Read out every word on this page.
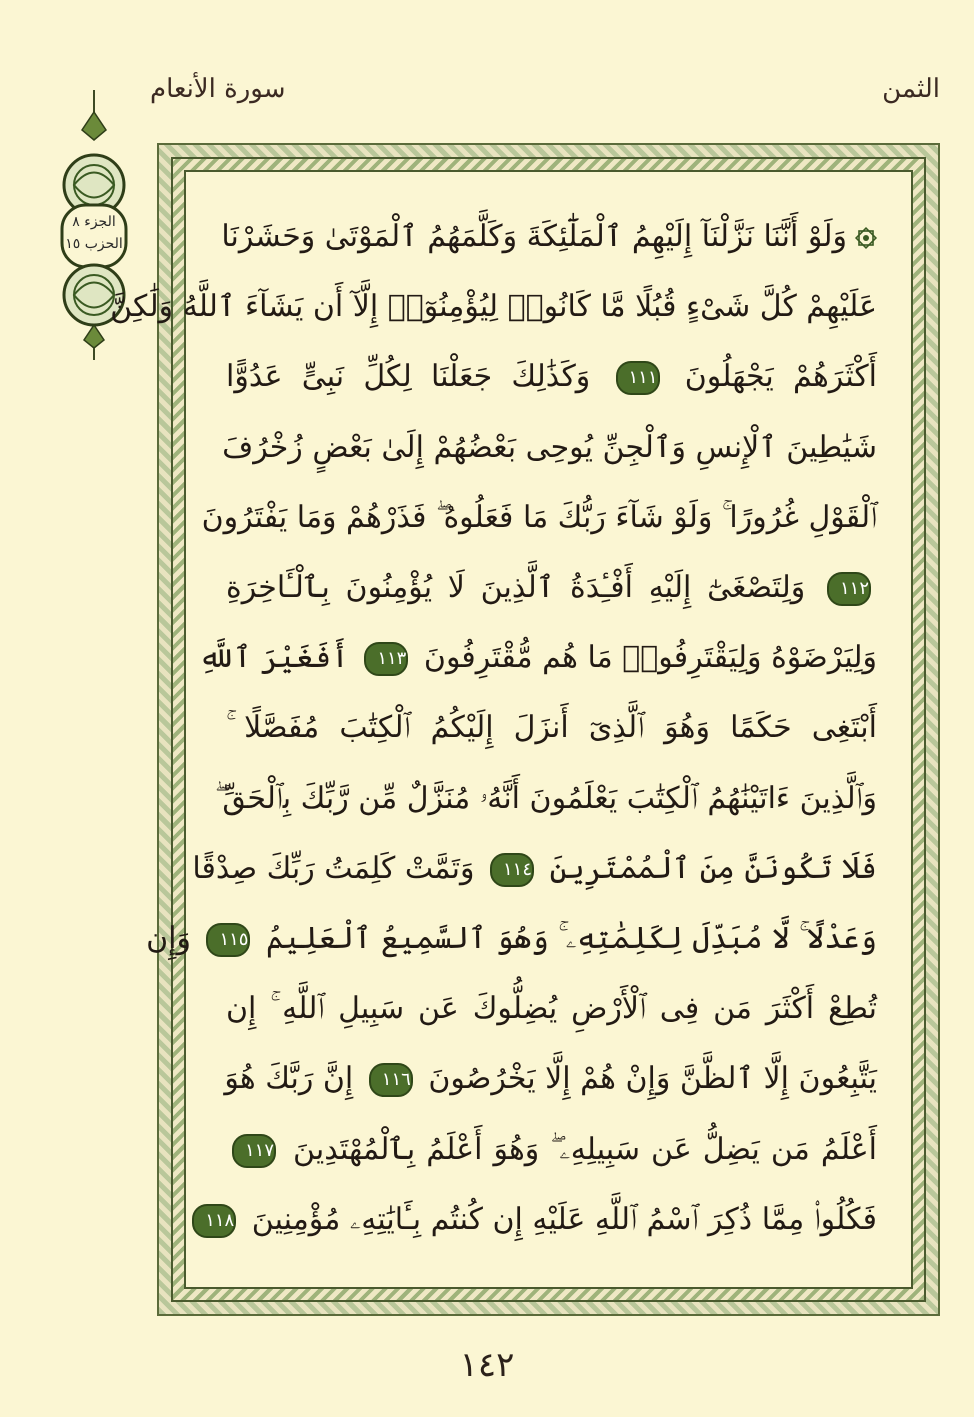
سورة الأنعام	الثمن
الجزء ٨
الحزب ١٥	وَلَوْ أَنَّنَا نَزَّلْنَآ إِلَيْهِمُ ٱلْمَلَٰٓئِكَةَ وَكَلَّمَهُمُ ٱلْمَوْتَىٰ وَحَشَرْنَا
عَلَيْهِمْ كُلَّ شَىْءٍ قُبُلًا مَّا كَانُوا۟ لِيُؤْمِنُوٓا۟ إِلَّآ أَن يَشَآءَ ٱللَّهُ وَلَٰكِنَّ
أَكْثَرَهُمْ يَجْهَلُونَ ١١١ وَكَذَٰلِكَ جَعَلْنَا لِكُلِّ نَبِىٍّ عَدُوًّا
شَيَٰطِينَ ٱلْإِنسِ وَٱلْجِنِّ يُوحِى بَعْضُهُمْ إِلَىٰ بَعْضٍ زُخْرُفَ
ٱلْقَوْلِ غُرُورًا ۚ وَلَوْ شَآءَ رَبُّكَ مَا فَعَلُوهُ ۖ فَذَرْهُمْ وَمَا يَفْتَرُونَ
١١٢ وَلِتَصْغَىٰٓ إِلَيْهِ أَفْـِٔدَةُ ٱلَّذِينَ لَا يُؤْمِنُونَ بِٱلْـَٔاخِرَةِ
وَلِيَرْضَوْهُ وَلِيَقْتَرِفُوا۟ مَا هُم مُّقْتَرِفُونَ ١١٣ أَفَغَيْرَ ٱللَّهِ
أَبْتَغِى حَكَمًا وَهُوَ ٱلَّذِىٓ أَنزَلَ إِلَيْكُمُ ٱلْكِتَٰبَ مُفَصَّلًا ۚ
وَٱلَّذِينَ ءَاتَيْنَٰهُمُ ٱلْكِتَٰبَ يَعْلَمُونَ أَنَّهُۥ مُنَزَّلٌ مِّن رَّبِّكَ بِٱلْحَقِّ ۖ
فَلَا تَكُونَنَّ مِنَ ٱلْمُمْتَرِينَ ١١٤ وَتَمَّتْ كَلِمَتُ رَبِّكَ صِدْقًا
وَعَدْلًا ۚ لَّا مُبَدِّلَ لِكَلِمَٰتِهِۦ ۚ وَهُوَ ٱلسَّمِيعُ ٱلْعَلِيمُ ١١٥ وَإِن
تُطِعْ أَكْثَرَ مَن فِى ٱلْأَرْضِ يُضِلُّوكَ عَن سَبِيلِ ٱللَّهِ ۚ إِن
يَتَّبِعُونَ إِلَّا ٱلظَّنَّ وَإِنْ هُمْ إِلَّا يَخْرُصُونَ ١١٦ إِنَّ رَبَّكَ هُوَ
أَعْلَمُ مَن يَضِلُّ عَن سَبِيلِهِۦ ۖ وَهُوَ أَعْلَمُ بِٱلْمُهْتَدِينَ ١١٧
فَكُلُوا۟ مِمَّا ذُكِرَ ٱسْمُ ٱللَّهِ عَلَيْهِ إِن كُنتُم بِـَٔايَٰتِهِۦ مُؤْمِنِينَ ١١٨
١٤٢
